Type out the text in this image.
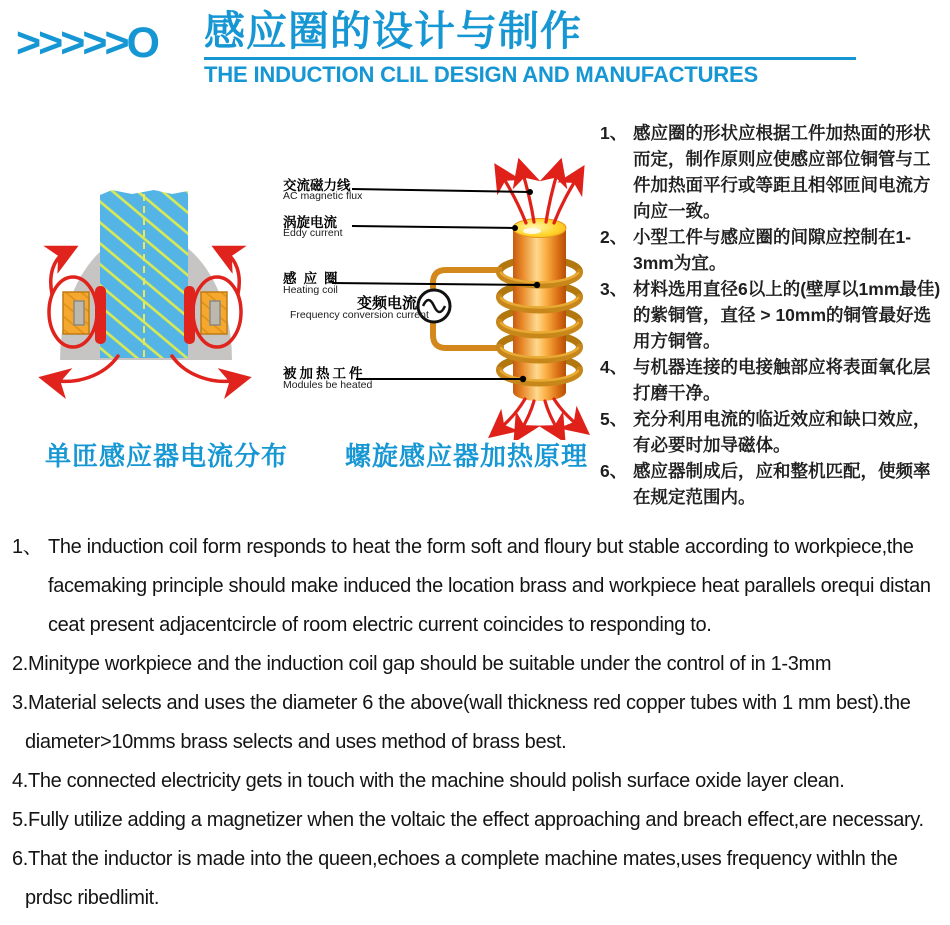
>>>>>O 感应圈的设计与制作
THE INDUCTION CLIL DESIGN AND MANUFACTURES
交流磁力线
AC magnetic flux
涡旋电流
Eddy current
感应圈
Heating coil
变频电流
Frequency conversion current
被加热工件
Modules be heated
单匝感应器电流分布 螺旋感应器加热原理
1、 感应圈的形状应根据工件加热面的形状而定，制作原则应使感应部位铜管与工件加热面平行或等距且相邻匝间电流方向应一致。
2、 小型工件与感应圈的间隙应控制在1-3mm为宜。
3、 材料选用直径6以上的(壁厚以1mm最佳)的紫铜管，直径 > 10mm的铜管最好选用方铜管。
4、 与机器连接的电接触部应将表面氧化层打磨干净。
5、 充分利用电流的临近效应和缺口效应，有必要时加导磁体。
6、 感应器制成后，应和整机匹配，使频率在规定范围内。
1、 The induction coil form responds to heat the form soft and floury but stable according to workpiece,the facemaking principle should make induced the location brass and workpiece heat parallels orequi distan ceat present adjacentcircle of room electric current coincides to responding to.
2.Minitype workpiece and the induction coil gap should be suitable under the control of in 1-3mm
3.Material selects and uses the diameter 6 the above(wall thickness red copper tubes with 1 mm best).the diameter>10mms brass selects and uses method of brass best.
4.The connected electricity gets in touch with the machine should polish surface oxide layer clean.
5.Fully utilize adding a magnetizer when the voltaic the effect approaching and breach effect,are necessary.
6.That the inductor is made into the queen,echoes a complete machine mates,uses frequency withln the prdsc ribedlimit.
